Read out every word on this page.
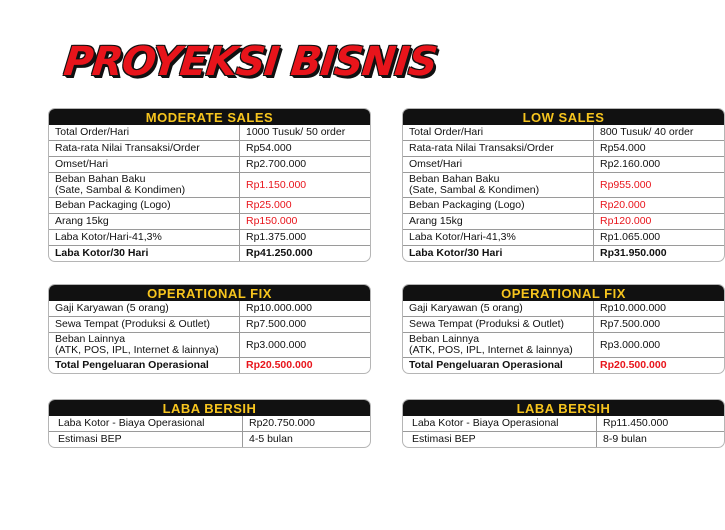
PROYEKSI BISNIS
MODERATE SALES
Total Order/Hari	1000 Tusuk/ 50 order
Rata-rata Nilai Transaksi/Order	Rp54.000
Omset/Hari	Rp2.700.000
Beban Bahan Baku
(Sate, Sambal & Kondimen)	Rp1.150.000
Beban Packaging (Logo)	Rp25.000
Arang 15kg	Rp150.000
Laba Kotor/Hari-41,3%	Rp1.375.000
Laba Kotor/30 Hari	Rp41.250.000
LOW SALES
Total Order/Hari	800 Tusuk/ 40 order
Rata-rata Nilai Transaksi/Order	Rp54.000
Omset/Hari	Rp2.160.000
Beban Bahan Baku
(Sate, Sambal & Kondimen)	Rp955.000
Beban Packaging (Logo)	Rp20.000
Arang 15kg	Rp120.000
Laba Kotor/Hari-41,3%	Rp1.065.000
Laba Kotor/30 Hari	Rp31.950.000
OPERATIONAL FIX
Gaji Karyawan (5 orang)	Rp10.000.000
Sewa Tempat (Produksi & Outlet)	Rp7.500.000
Beban Lainnya
(ATK, POS, IPL, Internet & lainnya)	Rp3.000.000
Total Pengeluaran Operasional	Rp20.500.000
OPERATIONAL FIX
Gaji Karyawan (5 orang)	Rp10.000.000
Sewa Tempat (Produksi & Outlet)	Rp7.500.000
Beban Lainnya
(ATK, POS, IPL, Internet & lainnya)	Rp3.000.000
Total Pengeluaran Operasional	Rp20.500.000
LABA BERSIH
Laba Kotor - Biaya Operasional	Rp20.750.000
Estimasi BEP	4-5 bulan
LABA BERSIH
Laba Kotor - Biaya Operasional	Rp11.450.000
Estimasi BEP	8-9 bulan
